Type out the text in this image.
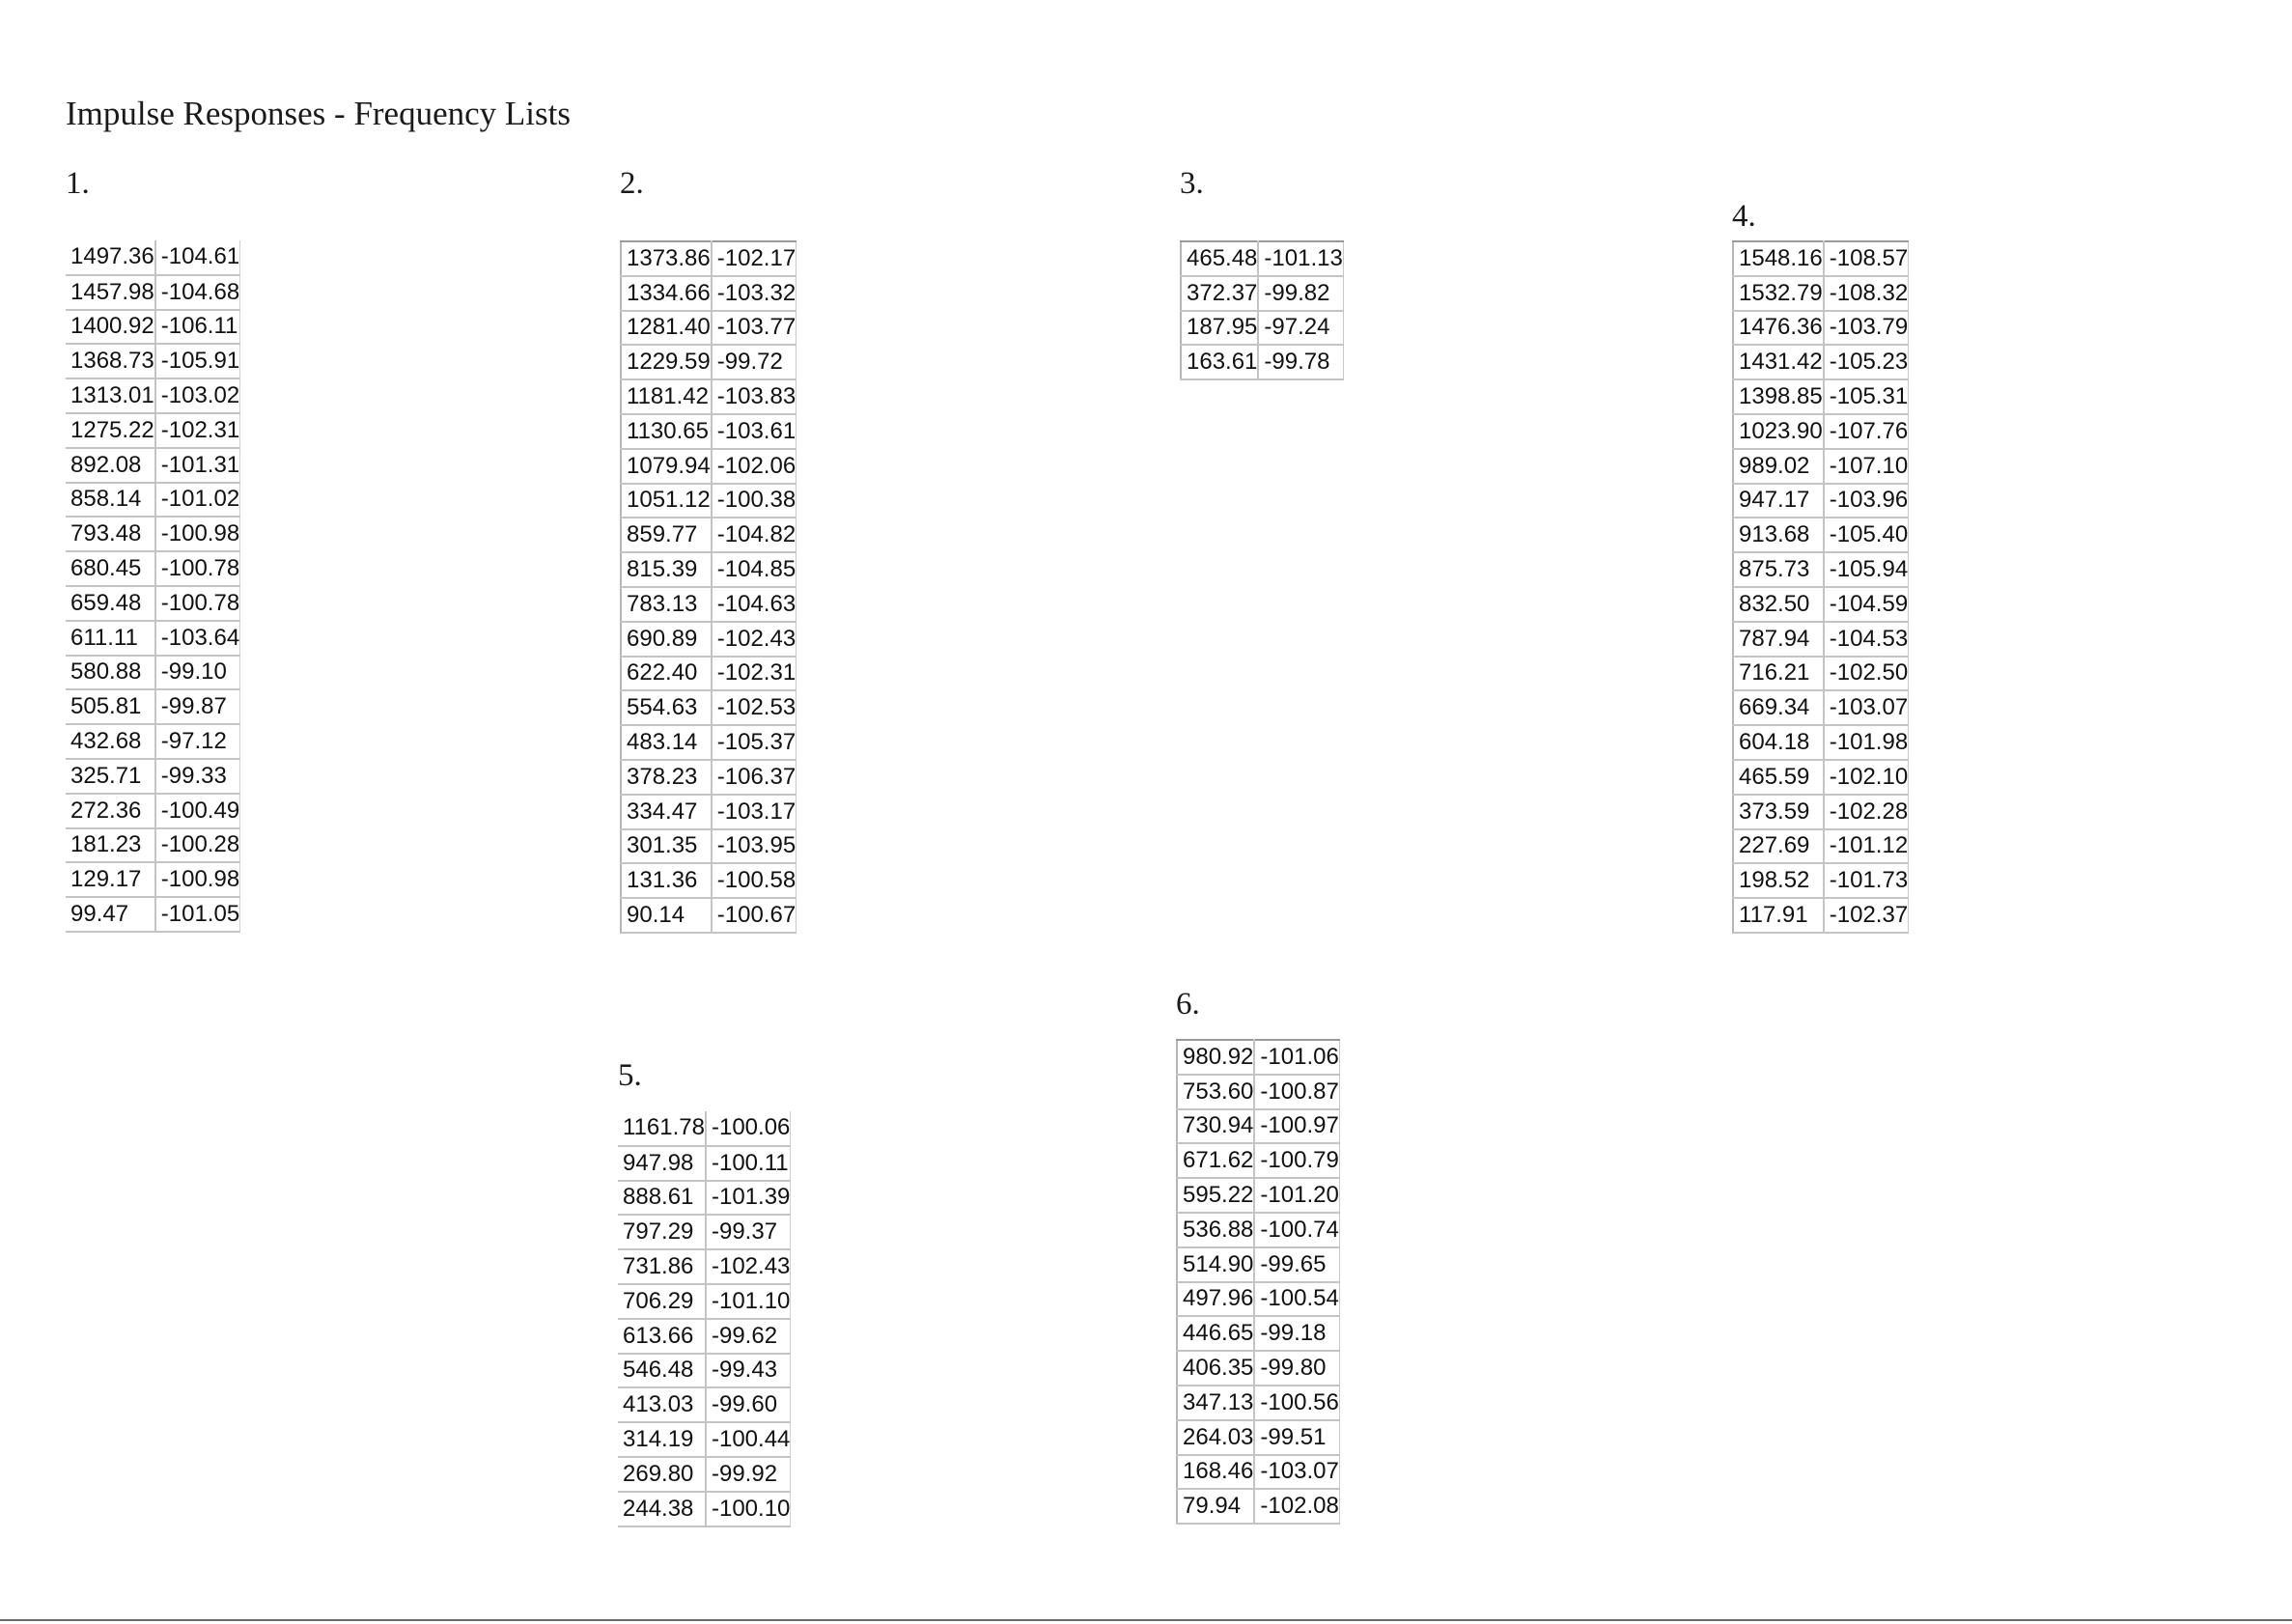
Impulse Responses - Frequency Lists
1.
1497.36	-104.61
1457.98	-104.68
1400.92	-106.11
1368.73	-105.91
1313.01	-103.02
1275.22	-102.31
892.08	-101.31
858.14	-101.02
793.48	-100.98
680.45	-100.78
659.48	-100.78
611.11	-103.64
580.88	-99.10
505.81	-99.87
432.68	-97.12
325.71	-99.33
272.36	-100.49
181.23	-100.28
129.17	-100.98
99.47	-101.05
2.
1373.86	-102.17
1334.66	-103.32
1281.40	-103.77
1229.59	-99.72
1181.42	-103.83
1130.65	-103.61
1079.94	-102.06
1051.12	-100.38
859.77	-104.82
815.39	-104.85
783.13	-104.63
690.89	-102.43
622.40	-102.31
554.63	-102.53
483.14	-105.37
378.23	-106.37
334.47	-103.17
301.35	-103.95
131.36	-100.58
90.14	-100.67
3.
465.48	-101.13
372.37	-99.82
187.95	-97.24
163.61	-99.78
4.
1548.16	-108.57
1532.79	-108.32
1476.36	-103.79
1431.42	-105.23
1398.85	-105.31
1023.90	-107.76
989.02	-107.10
947.17	-103.96
913.68	-105.40
875.73	-105.94
832.50	-104.59
787.94	-104.53
716.21	-102.50
669.34	-103.07
604.18	-101.98
465.59	-102.10
373.59	-102.28
227.69	-101.12
198.52	-101.73
117.91	-102.37
5.
1161.78	-100.06
947.98	-100.11
888.61	-101.39
797.29	-99.37
731.86	-102.43
706.29	-101.10
613.66	-99.62
546.48	-99.43
413.03	-99.60
314.19	-100.44
269.80	-99.92
244.38	-100.10
6.
980.92	-101.06
753.60	-100.87
730.94	-100.97
671.62	-100.79
595.22	-101.20
536.88	-100.74
514.90	-99.65
497.96	-100.54
446.65	-99.18
406.35	-99.80
347.13	-100.56
264.03	-99.51
168.46	-103.07
79.94	-102.08
